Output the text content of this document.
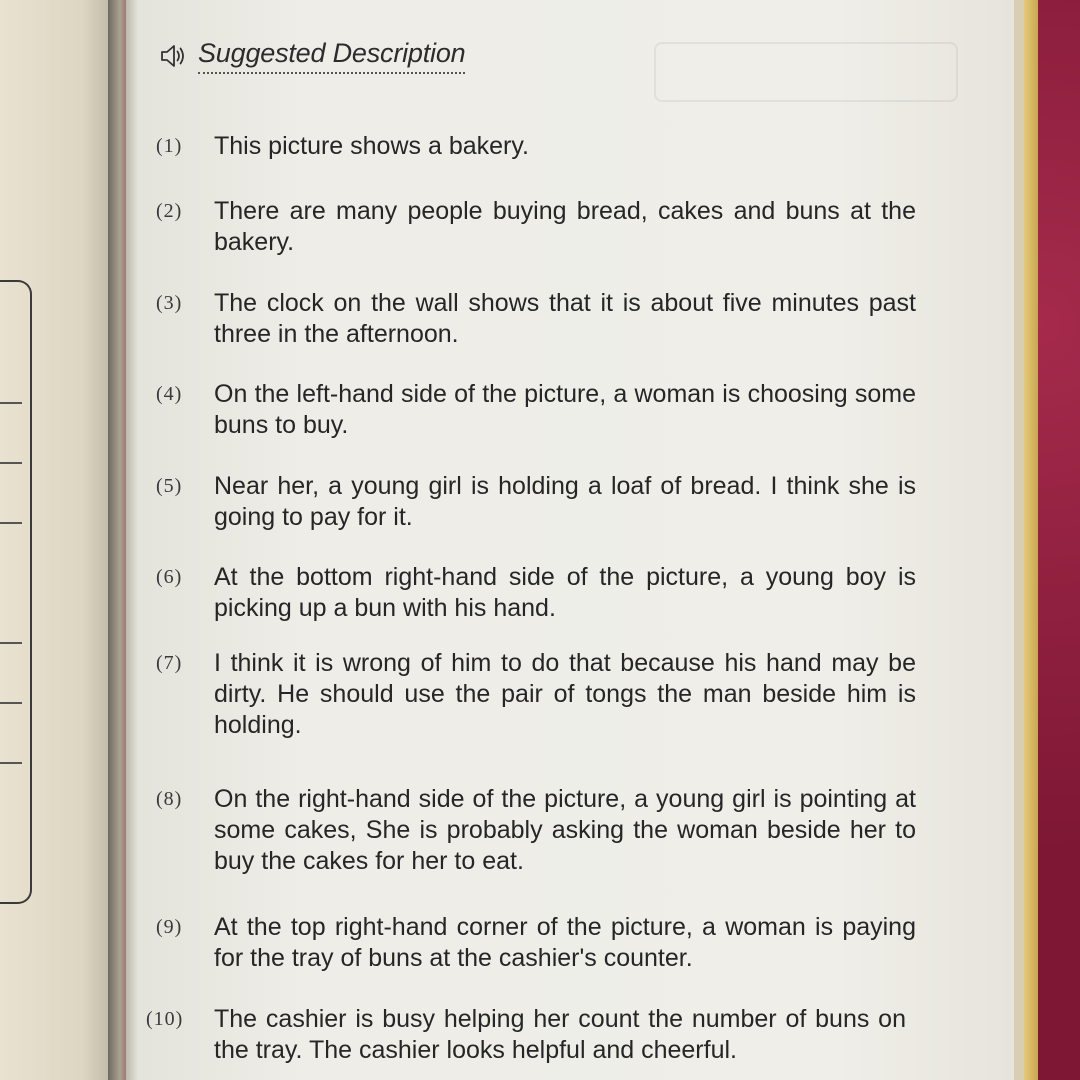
Suggested Description
(1)	This picture shows a bakery.
(2)	There are many people buying bread, cakes and buns at the bakery.
(3)	The clock on the wall shows that it is about five minutes past three in the afternoon.
(4)	On the left-hand side of the picture, a woman is choosing some buns to buy.
(5)	Near her, a young girl is holding a loaf of bread. I think she is going to pay for it.
(6)	At the bottom right-hand side of the picture, a young boy is picking up a bun with his hand.
(7)	I think it is wrong of him to do that because his hand may be dirty. He should use the pair of tongs the man beside him is holding.
(8)	On the right-hand side of the picture, a young girl is pointing at some cakes, She is probably asking the woman beside her to buy the cakes for her to eat.
(9)	At the top right-hand corner of the picture, a woman is paying for the tray of buns at the cashier's counter.
(10)	The cashier is busy helping her count the number of buns on the tray. The cashier looks helpful and cheerful.
